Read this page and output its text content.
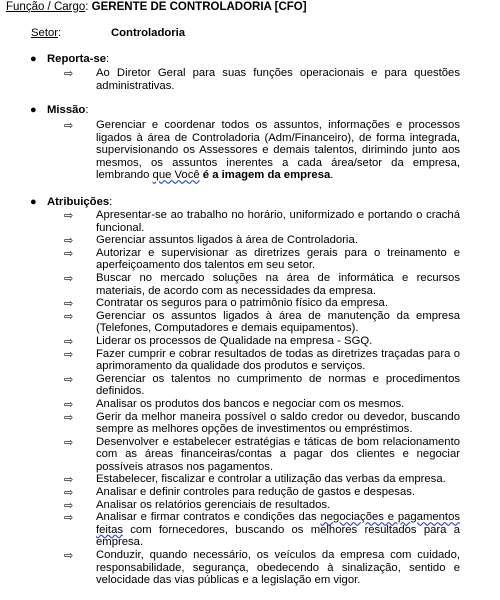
Função / Cargo: GERENTE DE CONTROLADORIA [CFO]
Setor:	Controladoria
● Reporta-se:
⇨ Ao Diretor Geral para suas funções operacionais e para questões administrativas.
● Missão:
⇨ Gerenciar e coordenar todos os assuntos, informações e processos ligados à área de Controladoria (Adm/Financeiro), de forma integrada, supervisionando os Assessores e demais talentos, dirimindo junto aos mesmos, os assuntos inerentes a cada área/setor da empresa, lembrando que Você é a imagem da empresa.
● Atribuições:
⇨ Apresentar-se ao trabalho no horário, uniformizado e portando o crachá funcional.
⇨ Gerenciar assuntos ligados à área de Controladoria.
⇨ Autorizar e supervisionar as diretrizes gerais para o treinamento e aperfeiçoamento dos talentos em seu setor.
⇨ Buscar no mercado soluções na área de informática e recursos materiais, de acordo com as necessidades da empresa.
⇨ Contratar os seguros para o patrimônio físico da empresa.
⇨ Gerenciar os assuntos ligados à área de manutenção da empresa (Telefones, Computadores e demais equipamentos).
⇨ Liderar os processos de Qualidade na empresa - SGQ.
⇨ Fazer cumprir e cobrar resultados de todas as diretrizes traçadas para o aprimoramento da qualidade dos produtos e serviços.
⇨ Gerenciar os talentos no cumprimento de normas e procedimentos definidos.
⇨ Analisar os produtos dos bancos e negociar com os mesmos.
⇨ Gerir da melhor maneira possível o saldo credor ou devedor, buscando sempre as melhores opções de investimentos ou empréstimos.
⇨ Desenvolver e estabelecer estratégias e táticas de bom relacionamento com as áreas financeiras/contas a pagar dos clientes e negociar possíveis atrasos nos pagamentos.
⇨ Estabelecer, fiscalizar e controlar a utilização das verbas da empresa.
⇨ Analisar e definir controles para redução de gastos e despesas.
⇨ Analisar os relatórios gerenciais de resultados.
⇨ Analisar e firmar contratos e condições das negociações e pagamentos feitas com fornecedores, buscando os melhores resultados para a empresa.
⇨ Conduzir, quando necessário, os veículos da empresa com cuidado, responsabilidade, segurança, obedecendo à sinalização, sentido e velocidade das vias públicas e a legislação em vigor.
